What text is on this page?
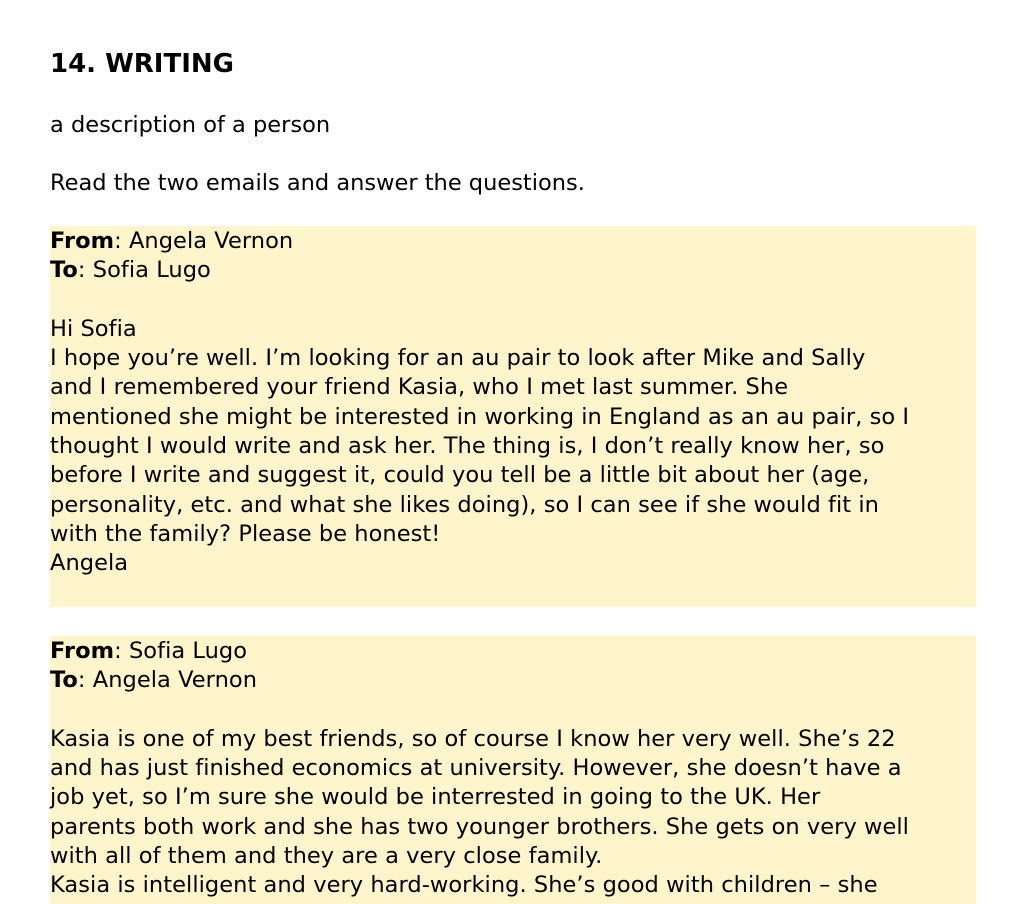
14. WRITING

a description of a person

Read the two emails and answer the questions.

From: Angela Vernon
To: Sofia Lugo
Hi Sofia
I hope you’re well. I’m looking for an au pair to look after Mike and Sally
and I remembered your friend Kasia, who I met last summer. She
mentioned she might be interested in working in England as an au pair, so I
thought I would write and ask her. The thing is, I don’t really know her, so
before I write and suggest it, could you tell be a little bit about her (age,
personality, etc. and what she likes doing), so I can see if she would fit in
with the family? Please be honest!
Angela
From: Sofia Lugo
To: Angela Vernon
Kasia is one of my best friends, so of course I know her very well. She’s 22
and has just finished economics at university. However, she doesn’t have a
job yet, so I’m sure she would be interrested in going to the UK. Her
parents both work and she has two younger brothers. She gets on very well
with all of them and they are a very close family.
Kasia is intelligent and very hard-working. She’s good with children – she
